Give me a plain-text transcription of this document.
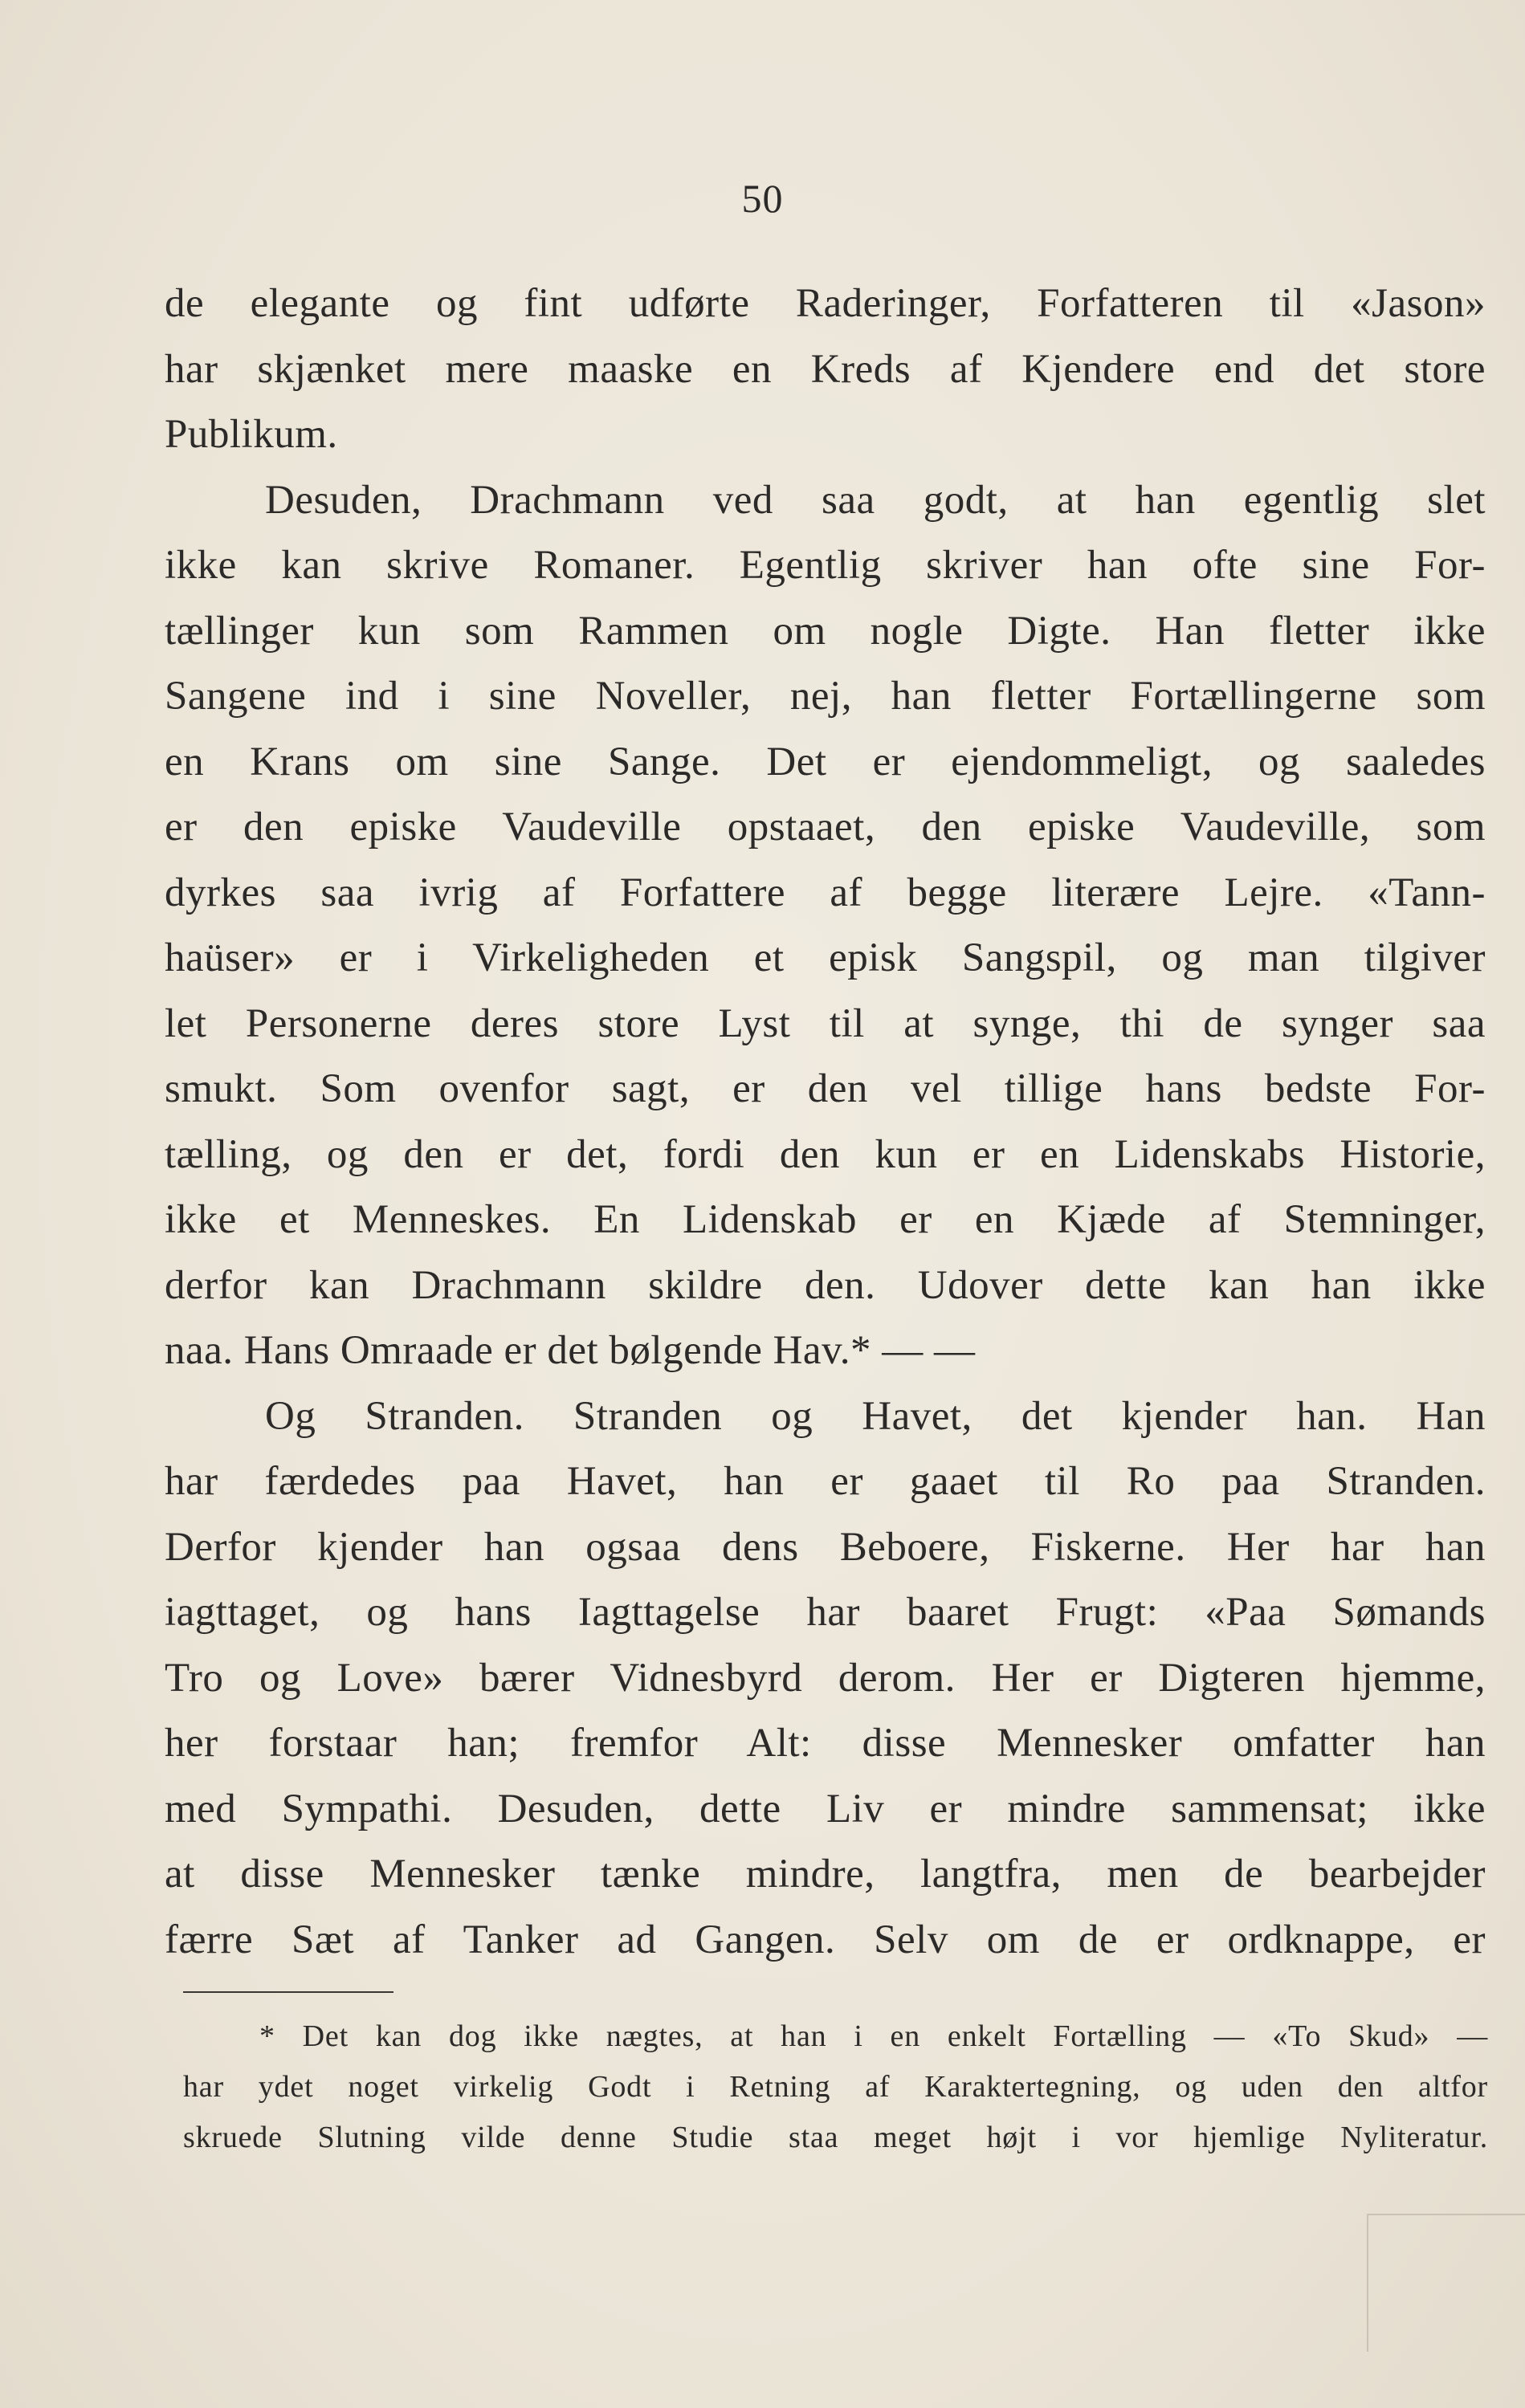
50
de elegante og fint udførte Raderinger, Forfatteren til «Jason»
har skjænket mere maaske en Kreds af Kjendere end det store
Publikum.
Desuden, Drachmann ved saa godt, at han egentlig slet
ikke kan skrive Romaner. Egentlig skriver han ofte sine For-
tællinger kun som Rammen om nogle Digte. Han fletter ikke
Sangene ind i sine Noveller, nej, han fletter Fortællingerne som
en Krans om sine Sange. Det er ejendommeligt, og saaledes
er den episke Vaudeville opstaaet, den episke Vaudeville, som
dyrkes saa ivrig af Forfattere af begge literære Lejre. «Tann-
haüser» er i Virkeligheden et episk Sangspil, og man tilgiver
let Personerne deres store Lyst til at synge, thi de synger saa
smukt. Som ovenfor sagt, er den vel tillige hans bedste For-
tælling, og den er det, fordi den kun er en Lidenskabs Historie,
ikke et Menneskes. En Lidenskab er en Kjæde af Stemninger,
derfor kan Drachmann skildre den. Udover dette kan han ikke
naa. Hans Omraade er det bølgende Hav.* — —
Og Stranden. Stranden og Havet, det kjender han. Han
har færdedes paa Havet, han er gaaet til Ro paa Stranden.
Derfor kjender han ogsaa dens Beboere, Fiskerne. Her har han
iagttaget, og hans Iagttagelse har baaret Frugt: «Paa Sømands
Tro og Love» bærer Vidnesbyrd derom. Her er Digteren hjemme,
her forstaar han; fremfor Alt: disse Mennesker omfatter han
med Sympathi. Desuden, dette Liv er mindre sammensat; ikke
at disse Mennesker tænke mindre, langtfra, men de bearbejder
færre Sæt af Tanker ad Gangen. Selv om de er ordknappe, er
* Det kan dog ikke nægtes, at han i en enkelt Fortælling — «To Skud» —
har ydet noget virkelig Godt i Retning af Karaktertegning, og uden den altfor
skruede Slutning vilde denne Studie staa meget højt i vor hjemlige Nyliteratur.
